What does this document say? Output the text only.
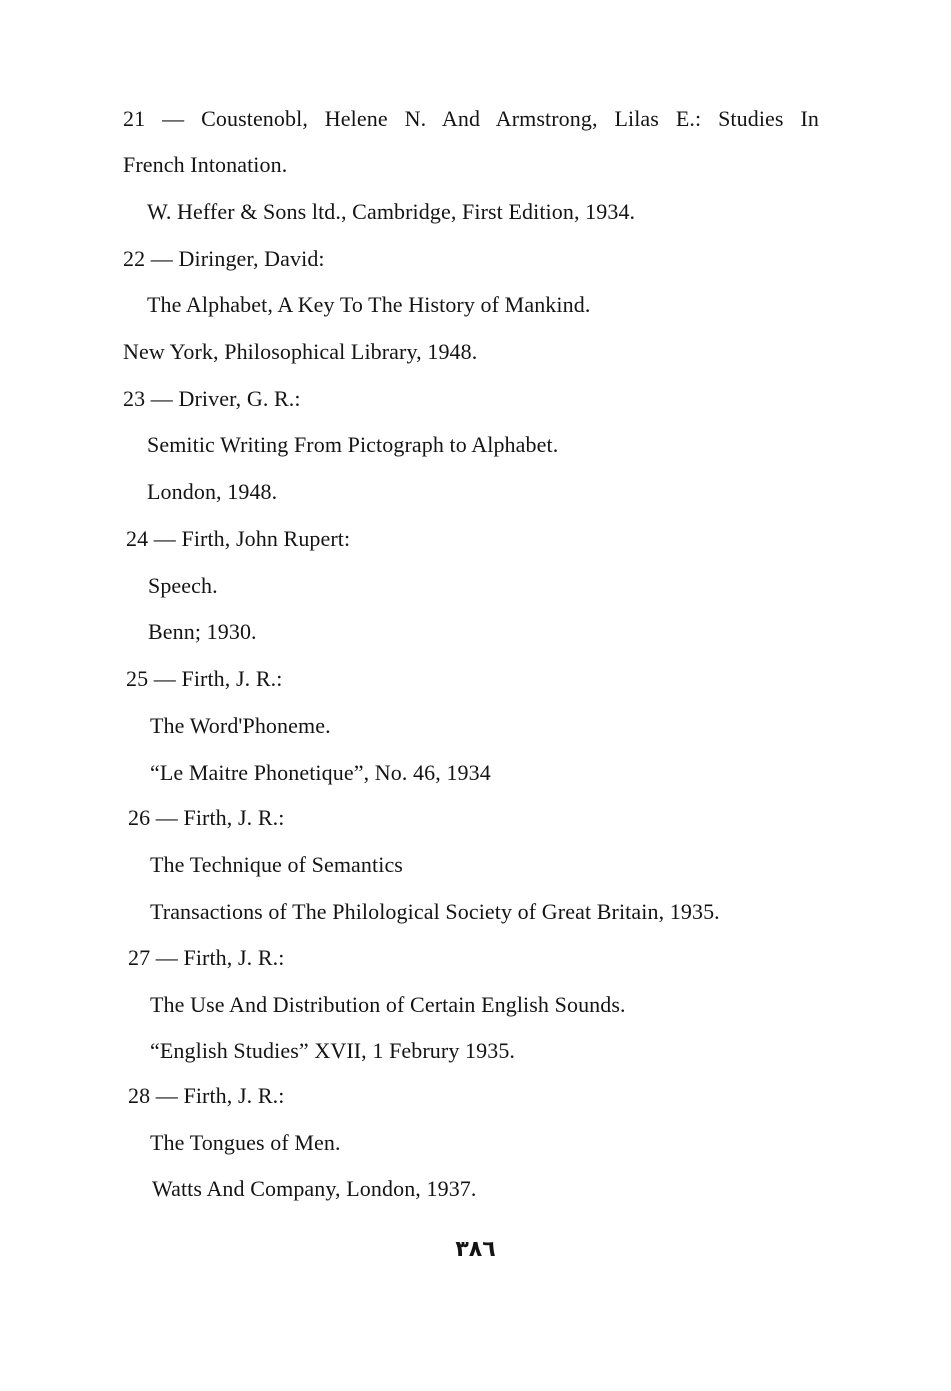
21 — Coustenobl, Helene N. And Armstrong, Lilas E.: Studies In
French Intonation.
W. Heffer & Sons ltd., Cambridge, First Edition, 1934.
22 — Diringer, David:
The Alphabet, A Key To The History of Mankind.
New York, Philosophical Library, 1948.
23 — Driver, G. R.:
Semitic Writing From Pictograph to Alphabet.
London, 1948.
24 — Firth, John Rupert:
Speech.
Benn; 1930.
25 — Firth, J. R.:
The Word'Phoneme.
“Le Maitre Phonetique”, No. 46, 1934
26 — Firth, J. R.:
The Technique of Semantics
Transactions of The Philological Society of Great Britain, 1935.
27 — Firth, J. R.:
The Use And Distribution of Certain English Sounds.
“English Studies” XVII, 1 Februry 1935.
28 — Firth, J. R.:
The Tongues of Men.
Watts And Company, London, 1937.
٣٨٦
